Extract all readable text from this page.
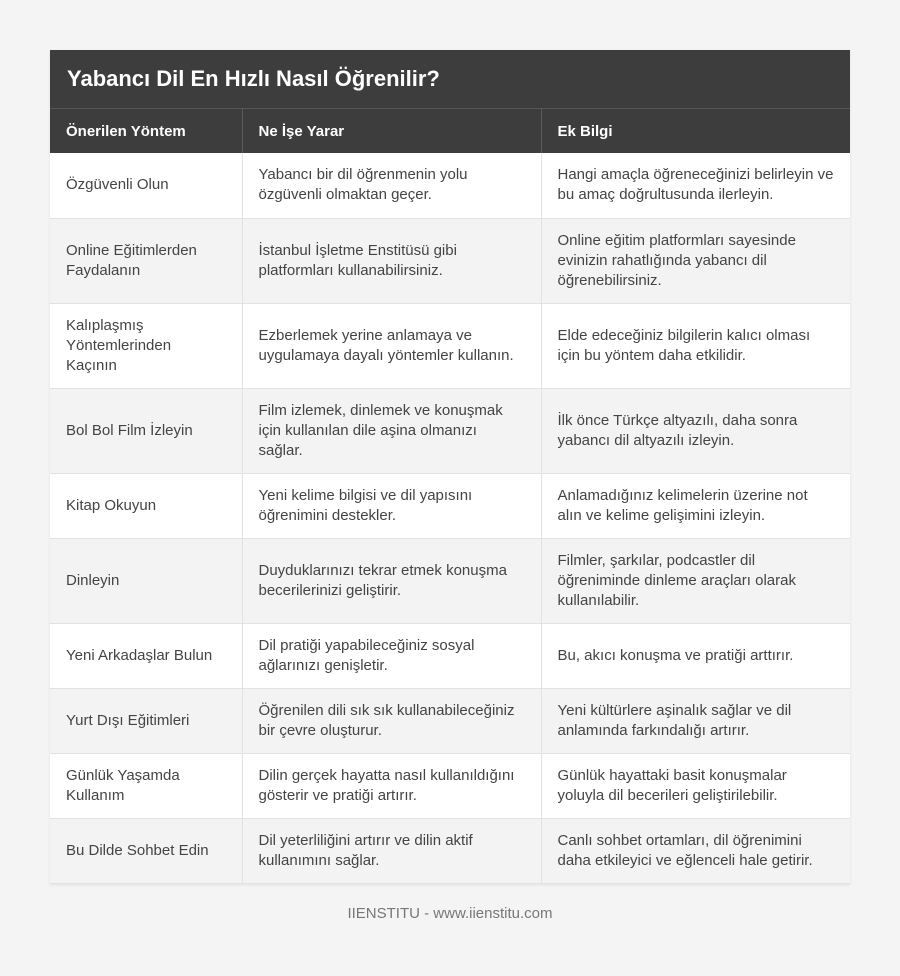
Yabancı Dil En Hızlı Nasıl Öğrenilir?
Önerilen Yöntem	Ne İşe Yarar	Ek Bilgi
Özgüvenli Olun	Yabancı bir dil öğrenmenin yolu özgüvenli olmaktan geçer.	Hangi amaçla öğreneceğinizi belirleyin ve bu amaç doğrultusunda ilerleyin.
Online Eğitimlerden Faydalanın	İstanbul İşletme Enstitüsü gibi platformları kullanabilirsiniz.	Online eğitim platformları sayesinde evinizin rahatlığında yabancı dil öğrenebilirsiniz.
Kalıplaşmış Yöntemlerinden Kaçının	Ezberlemek yerine anlamaya ve uygulamaya dayalı yöntemler kullanın.	Elde edeceğiniz bilgilerin kalıcı olması için bu yöntem daha etkilidir.
Bol Bol Film İzleyin	Film izlemek, dinlemek ve konuşmak için kullanılan dile aşina olmanızı sağlar.	İlk önce Türkçe altyazılı, daha sonra yabancı dil altyazılı izleyin.
Kitap Okuyun	Yeni kelime bilgisi ve dil yapısını öğrenimini destekler.	Anlamadığınız kelimelerin üzerine not alın ve kelime gelişimini izleyin.
Dinleyin	Duyduklarınızı tekrar etmek konuşma becerilerinizi geliştirir.	Filmler, şarkılar, podcastler dil öğreniminde dinleme araçları olarak kullanılabilir.
Yeni Arkadaşlar Bulun	Dil pratiği yapabileceğiniz sosyal ağlarınızı genişletir.	Bu, akıcı konuşma ve pratiği arttırır.
Yurt Dışı Eğitimleri	Öğrenilen dili sık sık kullanabileceğiniz bir çevre oluşturur.	Yeni kültürlere aşinalık sağlar ve dil anlamında farkındalığı artırır.
Günlük Yaşamda Kullanım	Dilin gerçek hayatta nasıl kullanıldığını gösterir ve pratiği artırır.	Günlük hayattaki basit konuşmalar yoluyla dil becerileri geliştirilebilir.
Bu Dilde Sohbet Edin	Dil yeterliliğini artırır ve dilin aktif kullanımını sağlar.	Canlı sohbet ortamları, dil öğrenimini daha etkileyici ve eğlenceli hale getirir.
IIENSTITU - www.iienstitu.com
